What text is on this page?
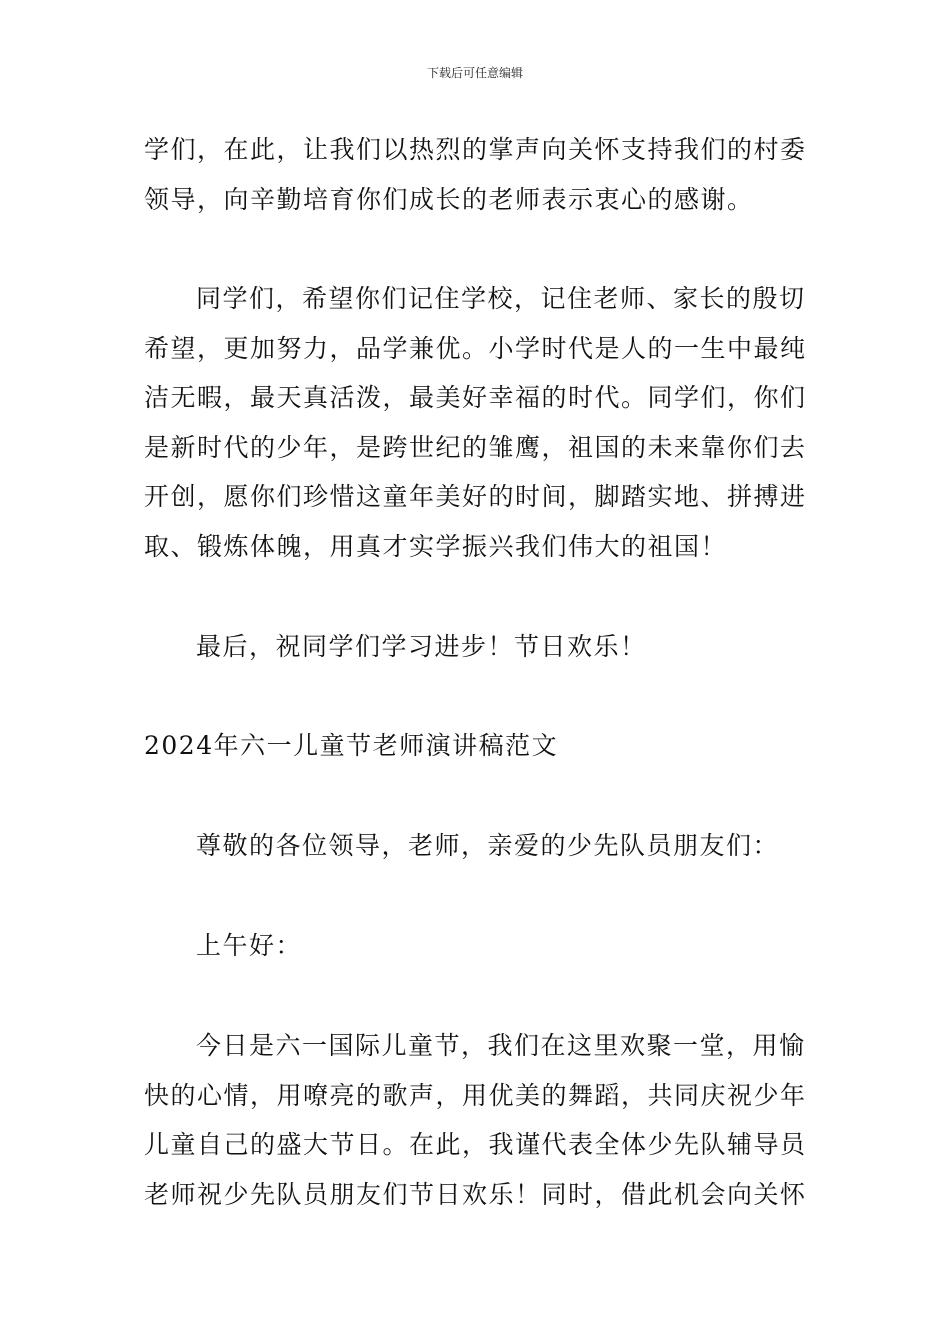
下载后可任意编辑

学们，在此，让我们以热烈的掌声向关怀支持我们的村委
领导，向辛勤培育你们成长的老师表示衷心的感谢。

同学们，希望你们记住学校，记住老师、家长的殷切
希望，更加努力，品学兼优。小学时代是人的一生中最纯
洁无暇，最天真活泼，最美好幸福的时代。同学们，你们
是新时代的少年，是跨世纪的雏鹰，祖国的未来靠你们去
开创，愿你们珍惜这童年美好的时间，脚踏实地、拼搏进
取、锻炼体魄，用真才实学振兴我们伟大的祖国！

最后，祝同学们学习进步！节日欢乐！

2024年六一儿童节老师演讲稿范文

尊敬的各位领导，老师，亲爱的少先队员朋友们：

上午好：

今日是六一国际儿童节，我们在这里欢聚一堂，用愉
快的心情，用嘹亮的歌声，用优美的舞蹈，共同庆祝少年
儿童自己的盛大节日。在此，我谨代表全体少先队辅导员
老师祝少先队员朋友们节日欢乐！同时，借此机会向关怀
